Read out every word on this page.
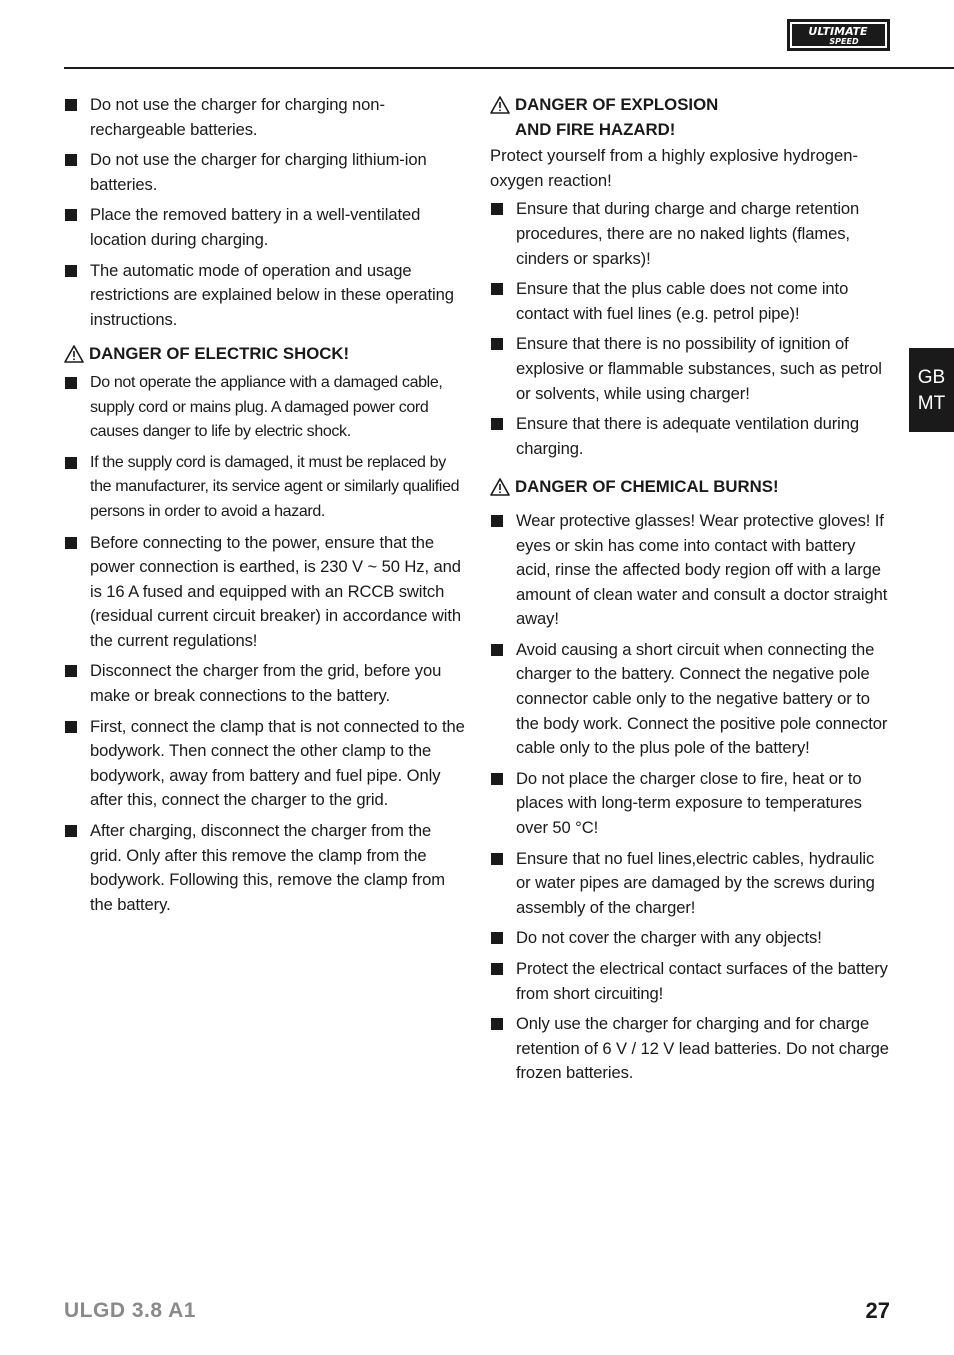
ULTIMATE
SPEED
Do not use the charger for charging non-rechargeable batteries.
Do not use the charger for charging lithium-ion batteries.
Place the removed battery in a well-ventilated location during charging.
The automatic mode of operation and usage restrictions are explained below in these operating instructions.
DANGER OF ELECTRIC SHOCK!
Do not operate the appliance with a damaged cable, supply cord or mains plug. A damaged power cord causes danger to life by electric shock.
If the supply cord is damaged, it must be replaced by the manufacturer, its service agent or similarly qualified persons in order to avoid a hazard.
Before connecting to the power, ensure that the power connection is earthed, is 230 V ~ 50 Hz, and is 16 A fused and equipped with an RCCB switch (residual current circuit breaker) in accordance with the current regulations!
Disconnect the charger from the grid, before you make or break connections to the battery.
First, connect the clamp that is not connected to the bodywork. Then connect the other clamp to the bodywork, away from battery and fuel pipe. Only after this, connect the charger to the grid.
After charging, disconnect the charger from the grid. Only after this remove the clamp from the bodywork. Following this, remove the clamp from the battery.
DANGER OF EXPLOSION
AND FIRE HAZARD!
Protect yourself from a highly explosive hydrogen-oxygen reaction!
Ensure that during charge and charge retention procedures, there are no naked lights (flames, cinders or sparks)!
Ensure that the plus cable does not come into contact with fuel lines (e.g. petrol pipe)!
Ensure that there is no possibility of ignition of explosive or flammable substances, such as petrol or solvents, while using charger!
Ensure that there is adequate ventilation during charging.
DANGER OF CHEMICAL BURNS!
Wear protective glasses! Wear protective gloves! If eyes or skin has come into contact with battery acid, rinse the affected body region off with a large amount of clean water and consult a doctor straight away!
Avoid causing a short circuit when connecting the charger to the battery. Connect the negative pole connector cable only to the negative battery or to the body work. Connect the positive pole connector cable only to the plus pole of the battery!
Do not place the charger close to fire, heat or to places with long-term exposure to temperatures over 50 °C!
Ensure that no fuel lines,electric cables, hydraulic or water pipes are damaged by the screws during assembly of the charger!
Do not cover the charger with any objects!
Protect the electrical contact surfaces of the battery from short circuiting!
Only use the charger for charging and for charge retention of 6 V / 12 V lead batteries. Do not charge frozen batteries.
GB
MT
ULGD 3.8 A1	27
